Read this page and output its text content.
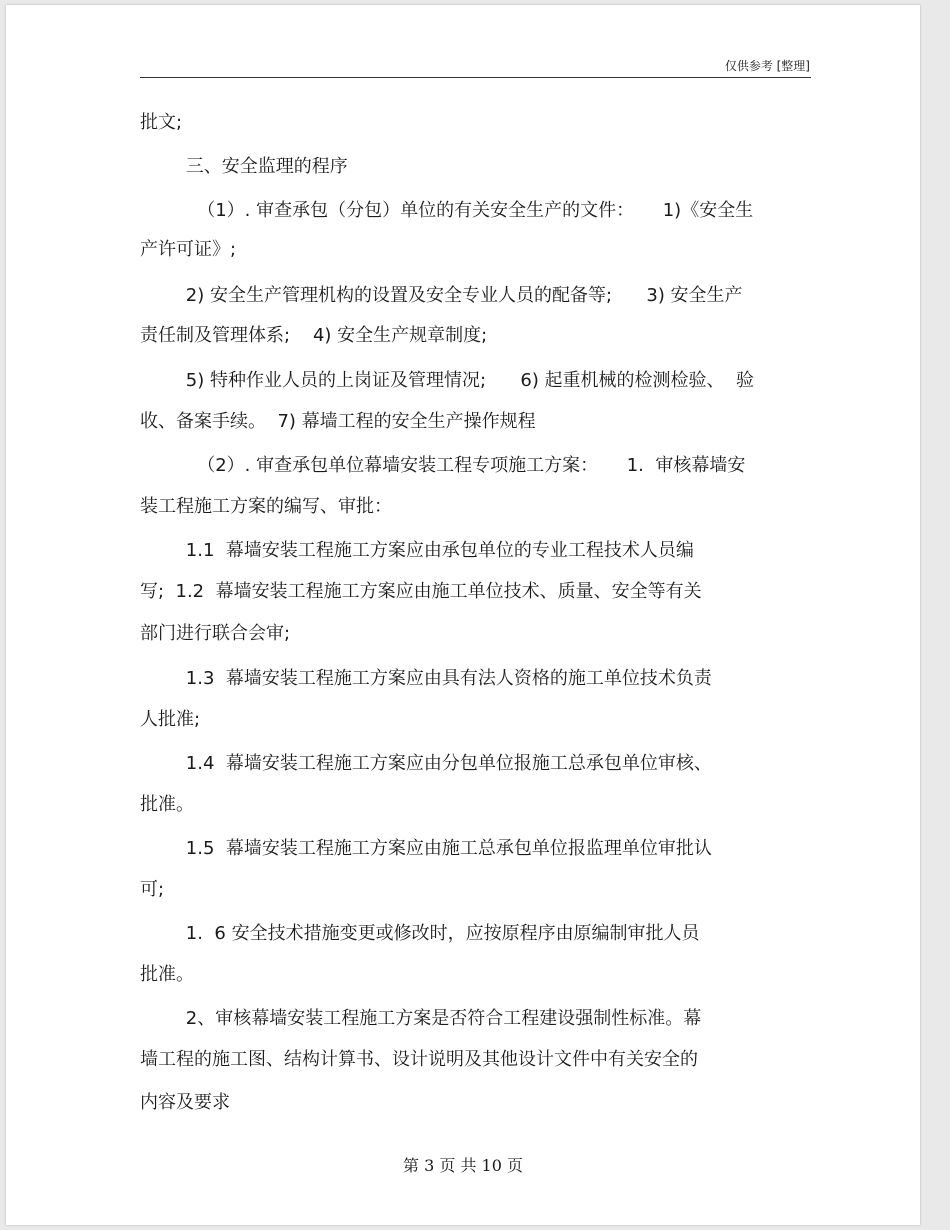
仅供参考 [整理]
批文;
三、安全监理的程序
（1）. 审查承包（分包）单位的有关安全生产的文件：     1)《安全生
产许可证》;
2) 安全生产管理机构的设置及安全专业人员的配备等;      3) 安全生产
责任制及管理体系;    4) 安全生产规章制度;
5) 特种作业人员的上岗证及管理情况;      6) 起重机械的检测检验、  验
收、备案手续。  7) 幕墙工程的安全生产操作规程
（2）. 审查承包单位幕墙安装工程专项施工方案：     1.  审核幕墙安
装工程施工方案的编写、审批：
1.1  幕墙安装工程施工方案应由承包单位的专业工程技术人员编
写;  1.2  幕墙安装工程施工方案应由施工单位技术、质量、安全等有关
部门进行联合会审;
1.3  幕墙安装工程施工方案应由具有法人资格的施工单位技术负责
人批准;
1.4  幕墙安装工程施工方案应由分包单位报施工总承包单位审核、
批准。
1.5  幕墙安装工程施工方案应由施工总承包单位报监理单位审批认
可;
1.  6 安全技术措施变更或修改时，应按原程序由原编制审批人员
批准。
2、审核幕墙安装工程施工方案是否符合工程建设强制性标准。幕
墙工程的施工图、结构计算书、设计说明及其他设计文件中有关安全的
内容及要求
第 3 页 共 10 页
